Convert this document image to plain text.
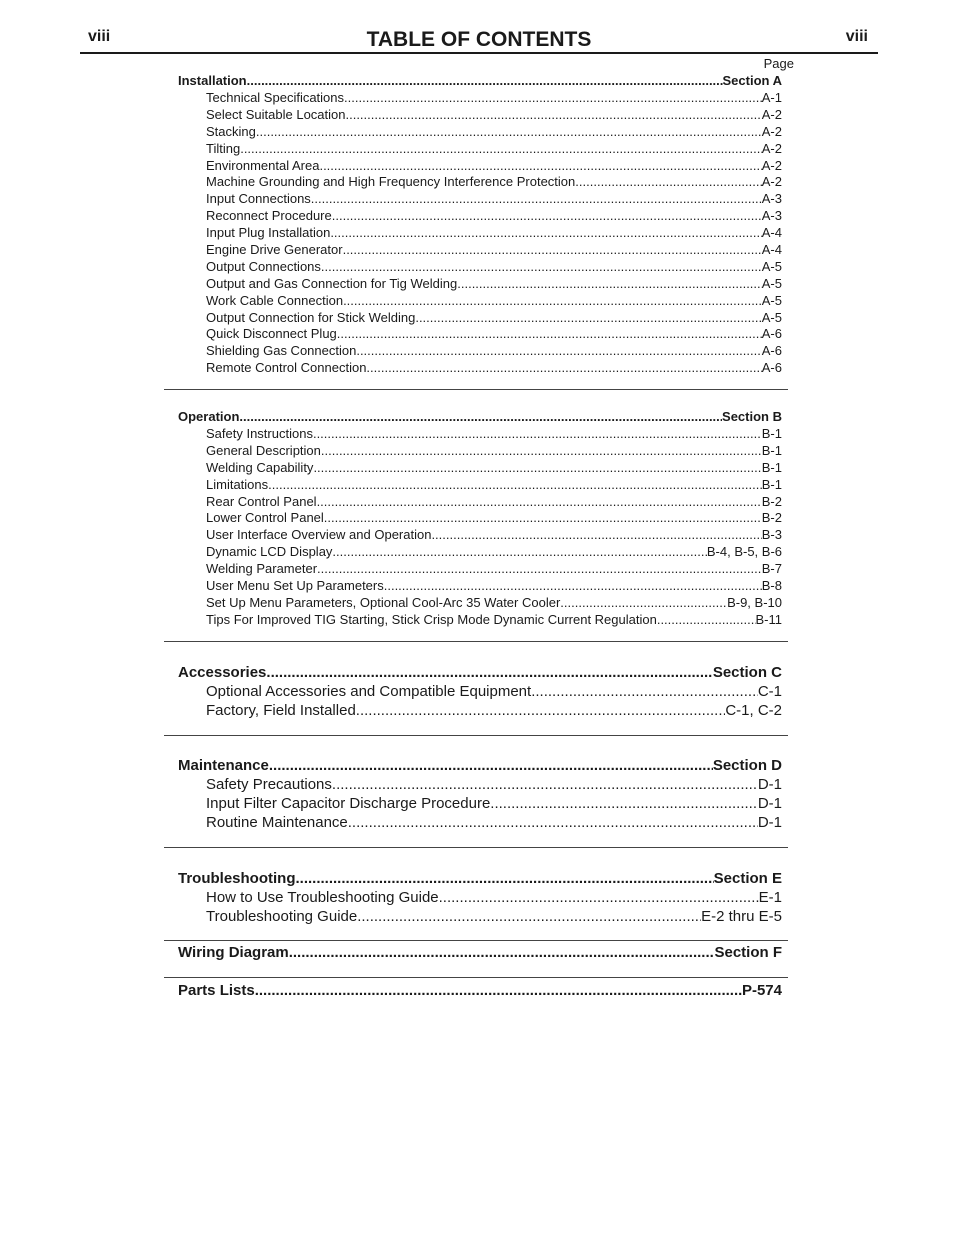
viii	TABLE OF CONTENTS	viii
Page
Installation .....	Section A
Technical Specifications .....	A-1
Select Suitable Location .....	A-2
Stacking .....	A-2
Tilting .....	A-2
Environmental Area .....	A-2
Machine Grounding and High Frequency Interference Protection .....	A-2
Input Connections .....	A-3
Reconnect Procedure .....	A-3
Input Plug Installation .....	A-4
Engine Drive Generator .....	A-4
Output Connections .....	A-5
Output and Gas Connection for Tig Welding .....	A-5
Work Cable Connection .....	A-5
Output Connection for Stick Welding .....	A-5
Quick Disconnect Plug .....	A-6
Shielding Gas Connection .....	A-6
Remote Control Connection .....	A-6
Operation .....	Section B
Safety Instructions .....	B-1
General Description .....	B-1
Welding Capability .....	B-1
Limitations .....	B-1
Rear Control Panel .....	B-2
Lower Control Panel .....	B-2
User Interface Overview and Operation .....	B-3
Dynamic LCD Display .....	B-4, B-5, B-6
Welding Parameter .....	B-7
User Menu Set Up Parameters .....	B-8
Set Up Menu Parameters, Optional Cool-Arc 35 Water Cooler .....	B-9, B-10
Tips For Improved TIG Starting, Stick Crisp Mode Dynamic Current Regulation .....	B-11
Accessories .....	Section C
Optional Accessories and Compatible Equipment .....	C-1
Factory, Field Installed .....	C-1, C-2
Maintenance .....	Section D
Safety Precautions .....	D-1
Input Filter Capacitor Discharge Procedure .....	D-1
Routine Maintenance .....	D-1
Troubleshooting .....	Section E
How to Use Troubleshooting Guide .....	E-1
Troubleshooting Guide .....	E-2 thru E-5
Wiring Diagram .....	Section F
Parts Lists .....	P-574
